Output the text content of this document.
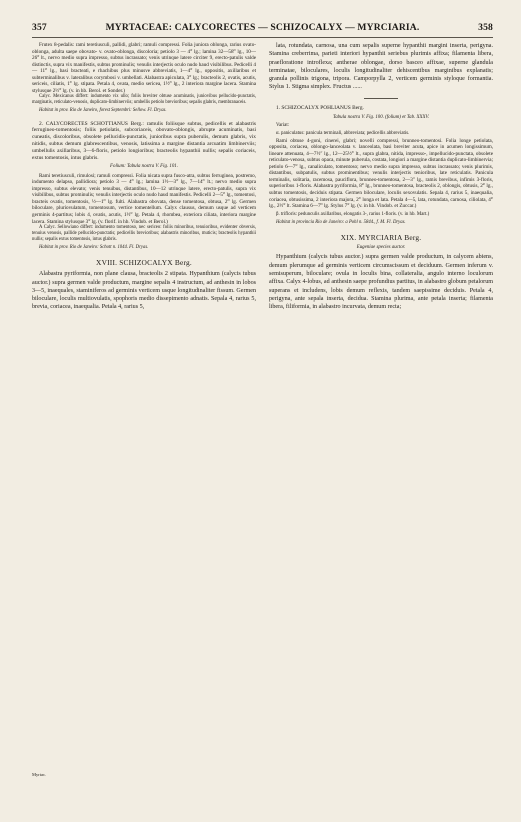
357	MYRTACEAE: CALYCORECTES — SCHIZOCALYX — MYRCIARIA.	358

Frutex 8-pedalis: rami teretiusculi, pallidi, glabri; ramuli compressi. Folia juniora oblonga, rarius ovato-oblonga, adulta saepe obovato- v. ovato-oblonga, discoloria; petiolo 3 — 4‴ lg.; lamina 32—58‴ lg., 10—26‴ lt., nervo medio supra impresso, subtus incrassato; venis utrinque latere circiter 9, erecto-patulis valde distinctis, supra vix manifestis, subtus prominulis; venulis interjectis oculo nudo haud visibilibus. Pedicelli 4 — 11‴ lg., basi bracteati, e rhachibus plus minusve abbreviatis, 1—4‴ lg., oppositis, axillaribus et subterminalibus v. lateralibus corymbosi v. umbellati. Alabastra apiculata, 3‴ lg.; bracteolis 2, ovatis, acutis, sericeis, ciliatis, 1‴ lg. stipata. Petala 4, ovata, medio sericea, 1½‴ lg., 2 interiora margine lacera. Stamina stylusque 2½‴ lg. (v. in hb. Berol. et Sonder.)

Calyc. Mexicanus differt: indumento vix ullo; foliis breviter obtuse acuminatis, juniovibus pellucido-punctatis, marginatis, reticulato-venosis, duplicato-limbinerviis; umbellis petiolo brevioribus; sepalis glabris, membranaceis.

Habitat in prov. Rio de Janeiro, forest Septembri: Sellow. Fl. Dryas.

2. CALYCORECTES SCHOTTIANUS Berg.: ramulis foliisque subtus, pedicellis et alabastris ferrugineo-tomentosis; foliis petiolatis, subcoriaceis, obovato-oblongis, abrupte acuminatis, basi cuneatis, discoloribus, obsolete pellucidis-punctatis, junioribus supra puberulis, demum glabris, vix nitidis, subtus demum glabrescentibus, venosis, latissima a margine distantia arcuatim limbinerviis; umbellulis axillaribus, 3—6-floris, petiolo longioribus; bracteolis hypanthii nullis; sepalis coriaceis, extus tomentosis, intus glabris.

Folium: Tabula nostra V. Fig. 101.

Rami teretiusculi, rimulosi; ramuli compressi. Folia nicata supra fusco-atra, subtus ferruginea, postremo, indumento delapso, pallidiora; petiolo 3 — 4‴ lg.; lamina 1½—3‴ lg., 7—14‴ lt.; nervo medio supra impresso, subtus elevato; venis tenuibus, distantibus, 10—12 utrinque latere, erecto-patulis, supra vix visibilibus, subtus prominulis; venulis interjectis oculo nudo haud manifestis. Pedicelli 2—5‴ lg., tomentosi, bracteis ovatis, tomentosis, ½—1‴ lg. fulti. Alabastra obovata, dense tomentosa, obtusa, 2‴ lg. Germen biloculare, pluriovulatum, tomentosum, vertice tomentellum. Calyx clausus, demum usque ad verticem germinis 4-partitus; lobis 4, ovatis, acutis, 1½‴ lg. Petala 4, rhombea, exteriora ciliata, interiora margine lacera. Stamina stylusque 3‴ lg. (v. florif. in hb. Vindob. et Berol.)

A Calyc. Sellowiano differt: indumento tomentoso, nec sericeo: foliis minoribus, tenuioribus, evidenter obversis, tenuius venosis, pallide pellucido-punctatis; pedicellis brevioribus; alabastris minoribus, muticis; bracteolis hypanthii nullis; sepalis extus tomentosis, intus glabris.

Habitat in prov. Rio de Janeiro: Schott n. 1044. Fl. Dryas.

XVIII. SCHIZOCALYX Berg.

Alabastra pyriformia, non plane clausa, bracteolis 2 stipata. Hypanthium (calycis tubus auctor.) supra germen valde productum, margine sepalis 4 instructum, ad anthesin in lobos 3—5, inaequales, staminiferos ad germinis verticem usque longitudinaliter fissum. Germen biloculare, loculis multiovulatis, spophoris medio dissepimento adnatis. Sepala 4, rarius 5, brevia, coriacea, inaequalia. Petala 4, rarius 5,

Myrtac.

lata, rotundata, carnosa, una cum sepalis superne hypanthii margini inserta, perigyna. Stamina creberrima, parieti interiori hypanthii seriebus plurimis affixa; filamenta libera, praefloratione introflexa; antherae oblongae, dorso basceo affixae, superne glandula terminatae, biloculares, loculis longitudinaliter dehiscentibus marginibus explanatis; granula pollinis trigona, tripora. Camporpylla 2, verticem germinis styloque formantia. Stylus 1. Stigma simplex. Fructus ......

1. SCHIZOCALYX POHLIANUS Berg.

Tabula nostra V. Fig. 100. (folium) et Tab. XXXV.

Variat:

α. paniculatus: panicula terminali, abbreviata; pedicellis abbreviatis.

Rami obtuse 4-goni, cinerei, glabri; novelli compressi, brunneo-tomentosi. Folia longe petiolata, opposita, coriacea, oblongo-lanceolata v. lanceolata, basi breviter acuta, apice in acumen longissimum, lineare attenuata, 4—7½″ lg., 12—25½‴ lt., supra glabra, nitida, impresso-, impellucido-punctata, obsolete reticulato-venosa, subtus opaca, minute puberula, costata, longiori a margine distantia duplicato-limbinervia; petiolo 6—7‴ lg., canaliculato, tomentoso; nervo medio supra impresso, subtus incrassato; venis plurimis, distantibus, subpatulis, subtus prominentibus; venulis interjectis tenioribus, late reticulatis. Panicula terminalis, solitaria, racemosa, pauciflora, brunneo-tomentosa, 2—3″ lg., ramis brevibus, infimis 3-floris, superioribus 1-floris. Alabastra pyriformia, 8‴ lg., brunneo-tomentosa, bracteolis 2, oblongis, obtusis, 2‴ lg., subtus tomentosis, deciduis stipata. Germen biloculare, loculis sexovulatis. Sepala 4, rarius 5, inaequalia, coriacea, obtusissima, 2 interiora majora, 2‴ longa et lata. Petala 4—5, lata, rotundata, carnosa, ciliolata, 4‴ lg., 2½‴ lt. Stamina 6—7‴ lg. Stylus 7‴ lg. (v. in hb. Vindob. et Zuccar.)

β. trifloris: pedunculis axillaribus, elongatis 3-, rarius 1-floris. (v. in hb. Mart.)

Habitat in provincia Rio de Janeiro: a Pohl n. 5844., f. M. Fl. Dryas.

XIX. MYRCIARIA Berg.

Eugeniae species auctor.

Hypanthium (calycis tubus auctor.) supra germen valde productum, in calycem abiens, demum plerumque ad germinis verticem circumscissum et deciduum. Germen inferum v. semisuperum, biloculare; ovula in loculis bina, collateralia, angulo interno loculorum affixa. Calyx 4-lobus, ad anthesin saepe profundius partitus, in alabastro globum petalorum superans et includens, lobis demum reflexis, tandem saepissime deciduis. Petala 4, perigyna, ante sepala inserta, decidua. Stamina plurima, ante petala inserta; filamenta libera, filiformia, in alabastro incurvata, demum recta;
